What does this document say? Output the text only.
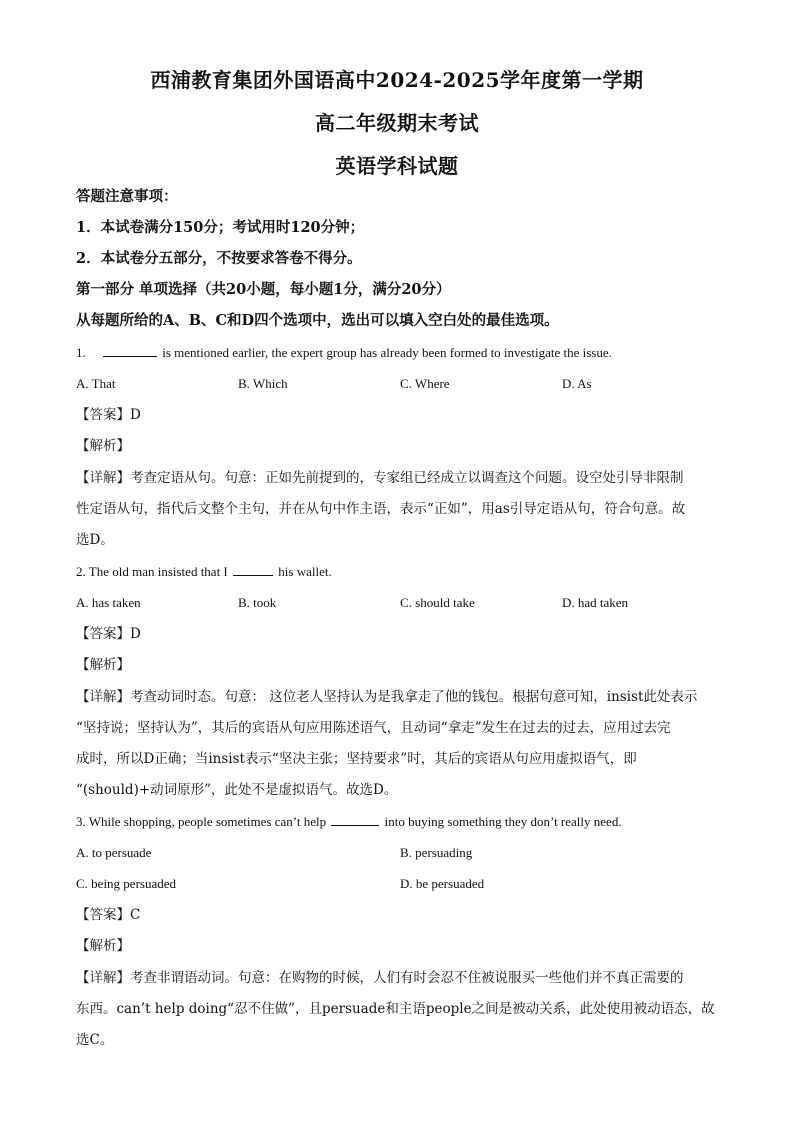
西浦教育集团外国语高中2024-2025学年度第一学期
高二年级期末考试
英语学科试题
答题注意事项：
1．本试卷满分150分；考试用时120分钟；
2．本试卷分五部分，不按要求答卷不得分。
第一部分 单项选择（共20小题，每小题1分，满分20分）
从每题所给的A、B、C和D四个选项中，选出可以填入空白处的最佳选项。
1.	is mentioned earlier, the expert group has already been formed to investigate the issue.
A. That	B. Which	C. Where	D. As
【答案】D
【解析】
【详解】考查定语从句。句意：正如先前提到的，专家组已经成立以调查这个问题。设空处引导非限制
性定语从句，指代后文整个主句，并在从句中作主语，表示“正如”，用as引导定语从句，符合句意。故
选D。
2. The old man insisted that I	his wallet.
A. has taken	B. took	C. should take	D. had taken
【答案】D
【解析】
【详解】考查动词时态。句意： 这位老人坚持认为是我拿走了他的钱包。根据句意可知，insist此处表示
“坚持说；坚持认为”，其后的宾语从句应用陈述语气，且动词“拿走”发生在过去的过去，应用过去完
成时，所以D正确；当insist表示“坚决主张；坚持要求”时，其后的宾语从句应用虚拟语气，即
“(should)+动词原形”，此处不是虚拟语气。故选D。
3. While shopping, people sometimes can’t help	into buying something they don’t really need.
A. to persuade	B. persuading
C. being persuaded	D. be persuaded
【答案】C
【解析】
【详解】考查非谓语动词。句意：在购物的时候，人们有时会忍不住被说服买一些他们并不真正需要的
东西。can’t help doing“忍不住做”，且persuade和主语people之间是被动关系，此处使用被动语态，故
选C。
